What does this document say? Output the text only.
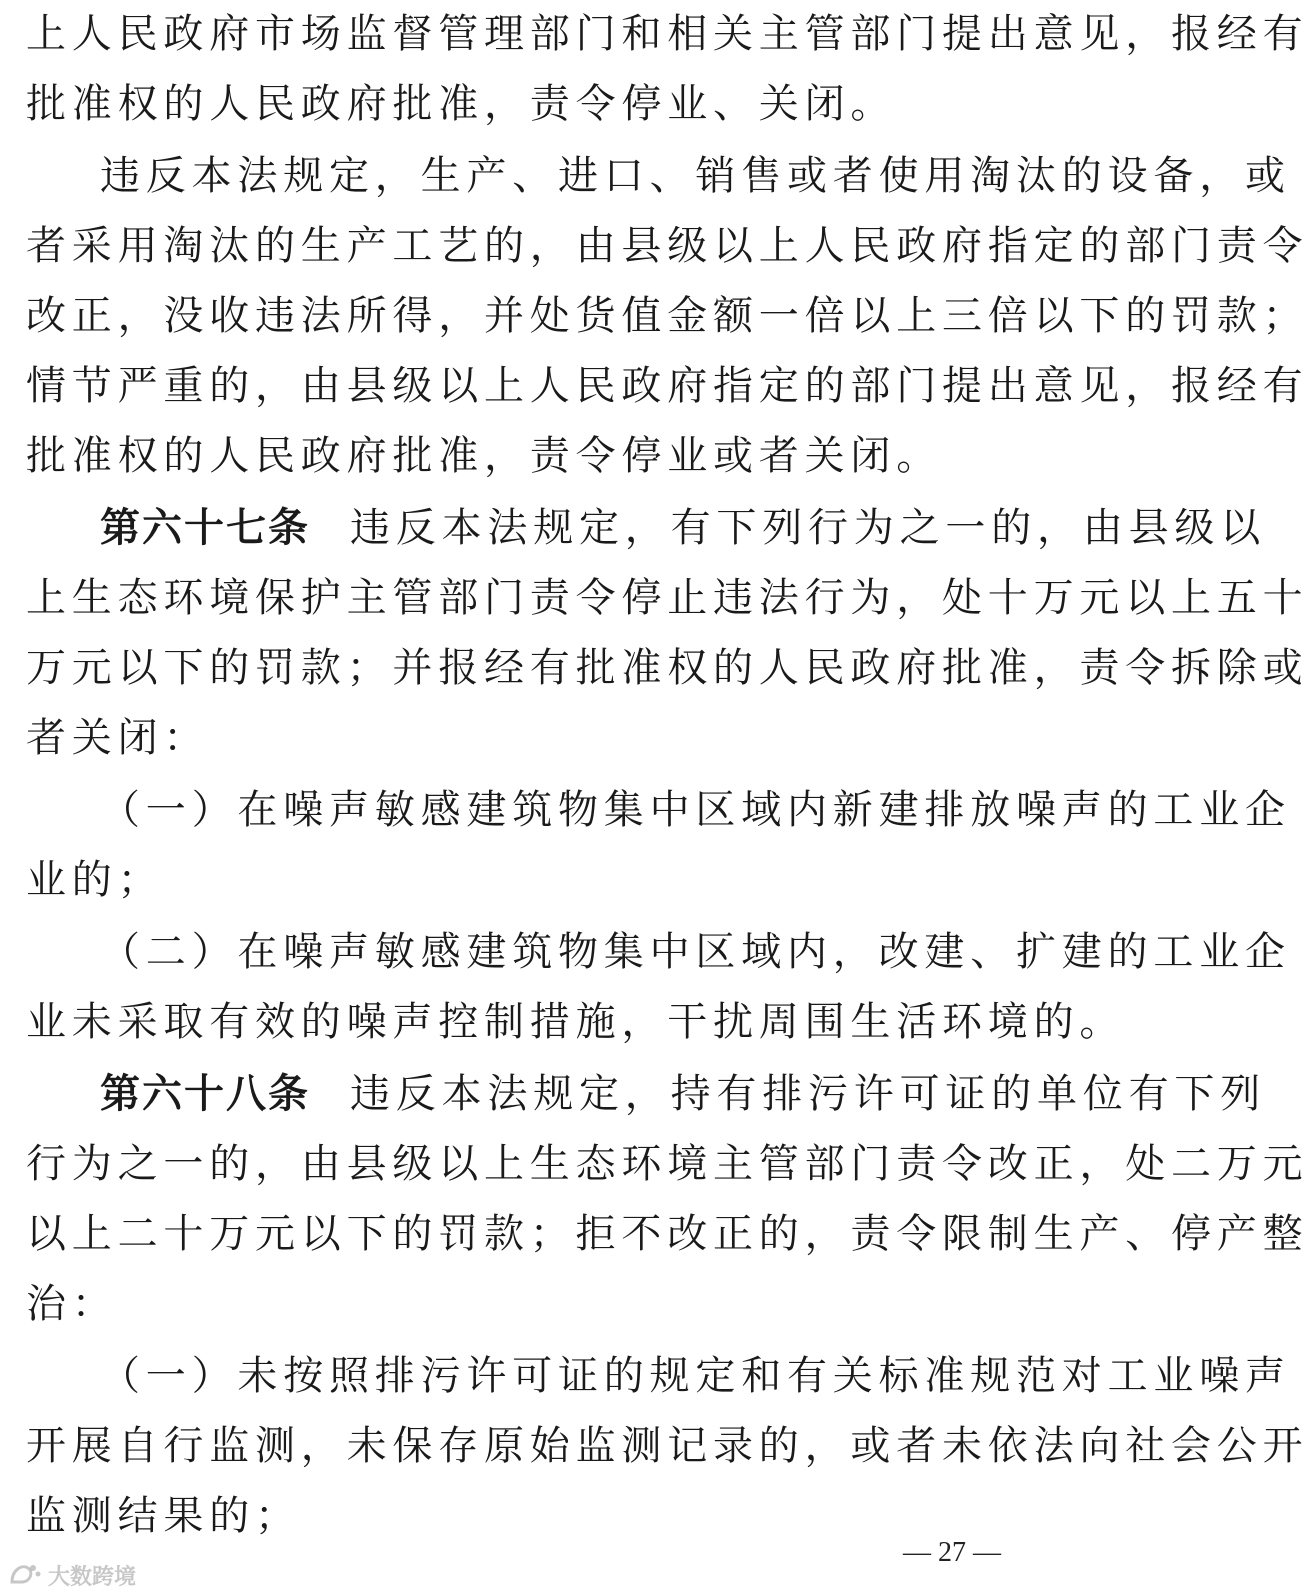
上人民政府市场监督管理部门和相关主管部门提出意见，报经有
批准权的人民政府批准，责令停业、关闭。
违反本法规定，生产、进口、销售或者使用淘汰的设备，或
者采用淘汰的生产工艺的，由县级以上人民政府指定的部门责令
改正，没收违法所得，并处货值金额一倍以上三倍以下的罚款；
情节严重的，由县级以上人民政府指定的部门提出意见，报经有
批准权的人民政府批准，责令停业或者关闭。
第六十七条 违反本法规定，有下列行为之一的，由县级以
上生态环境保护主管部门责令停止违法行为，处十万元以上五十
万元以下的罚款；并报经有批准权的人民政府批准，责令拆除或
者关闭：
（一）在噪声敏感建筑物集中区域内新建排放噪声的工业企
业的；
（二）在噪声敏感建筑物集中区域内，改建、扩建的工业企
业未采取有效的噪声控制措施，干扰周围生活环境的。
第六十八条 违反本法规定，持有排污许可证的单位有下列
行为之一的，由县级以上生态环境主管部门责令改正，处二万元
以上二十万元以下的罚款；拒不改正的，责令限制生产、停产整
治：
（一）未按照排污许可证的规定和有关标准规范对工业噪声
开展自行监测，未保存原始监测记录的，或者未依法向社会公开
监测结果的；
— 27 —
大数跨境
